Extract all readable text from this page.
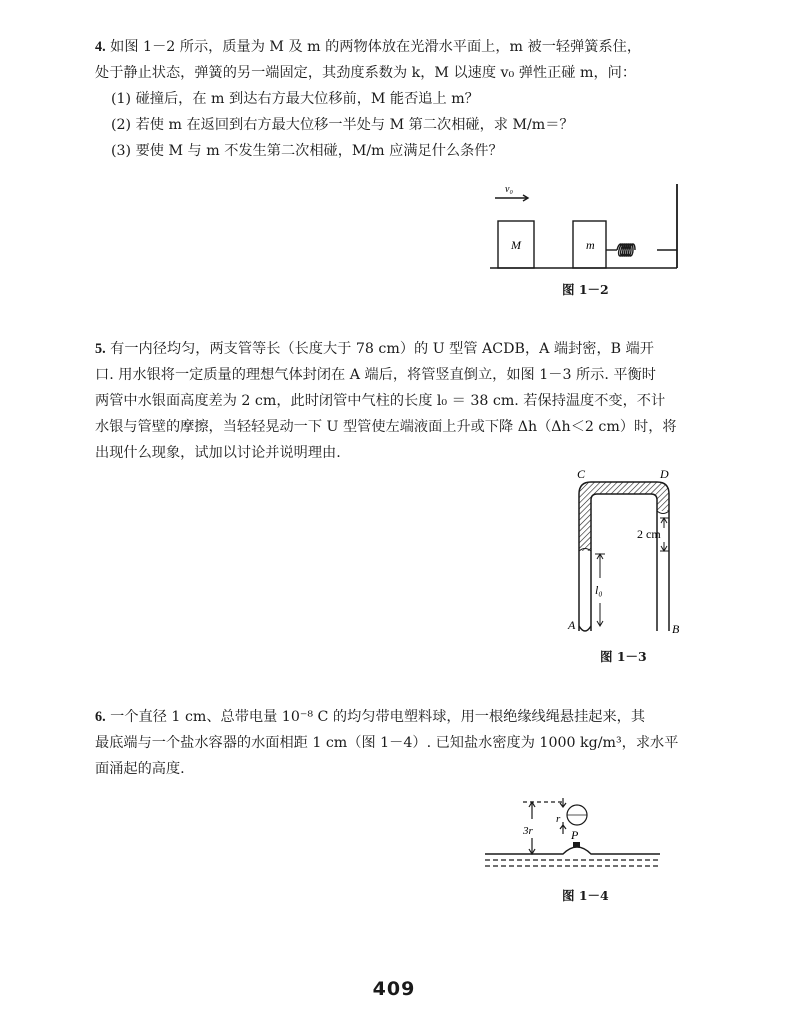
4. 如图 1－2 所示，质量为 M 及 m 的两物体放在光滑水平面上，m 被一轻弹簧系住，

处于静止状态，弹簧的另一端固定，其劲度系数为 k，M 以速度 v₀ 弹性正碰 m，问：

(1) 碰撞后，在 m 到达右方最大位移前，M 能否追上 m？

(2) 若使 m 在返回到右方最大位移一半处与 M 第二次相碰，求 M/m＝？

(3) 要使 M 与 m 不发生第二次相碰，M/m 应满足什么条件？

v₀
M	m
图 1－2

5. 有一内径均匀，两支管等长（长度大于 78 cm）的 U 型管 ACDB，A 端封密，B 端开

口. 用水银将一定质量的理想气体封闭在 A 端后，将管竖直倒立，如图 1－3 所示. 平衡时

两管中水银面高度差为 2 cm，此时闭管中气柱的长度 l₀ ＝ 38 cm. 若保持温度不变，不计

水银与管壁的摩擦，当轻轻晃动一下 U 型管使左端液面上升或下降 Δh（Δh＜2 cm）时，将

出现什么现象，试加以讨论并说明理由.

2 cm
l₀
C	D
A	B
图 1－3

6. 一个直径 1 cm、总带电量 10⁻⁸ C 的均匀带电塑料球，用一根绝缘线绳悬挂起来，其

最底端与一个盐水容器的水面相距 1 cm（图 1－4）. 已知盐水密度为 1000 kg/m³，求水平

面涌起的高度.

P
r
3r
图 1－4
409
